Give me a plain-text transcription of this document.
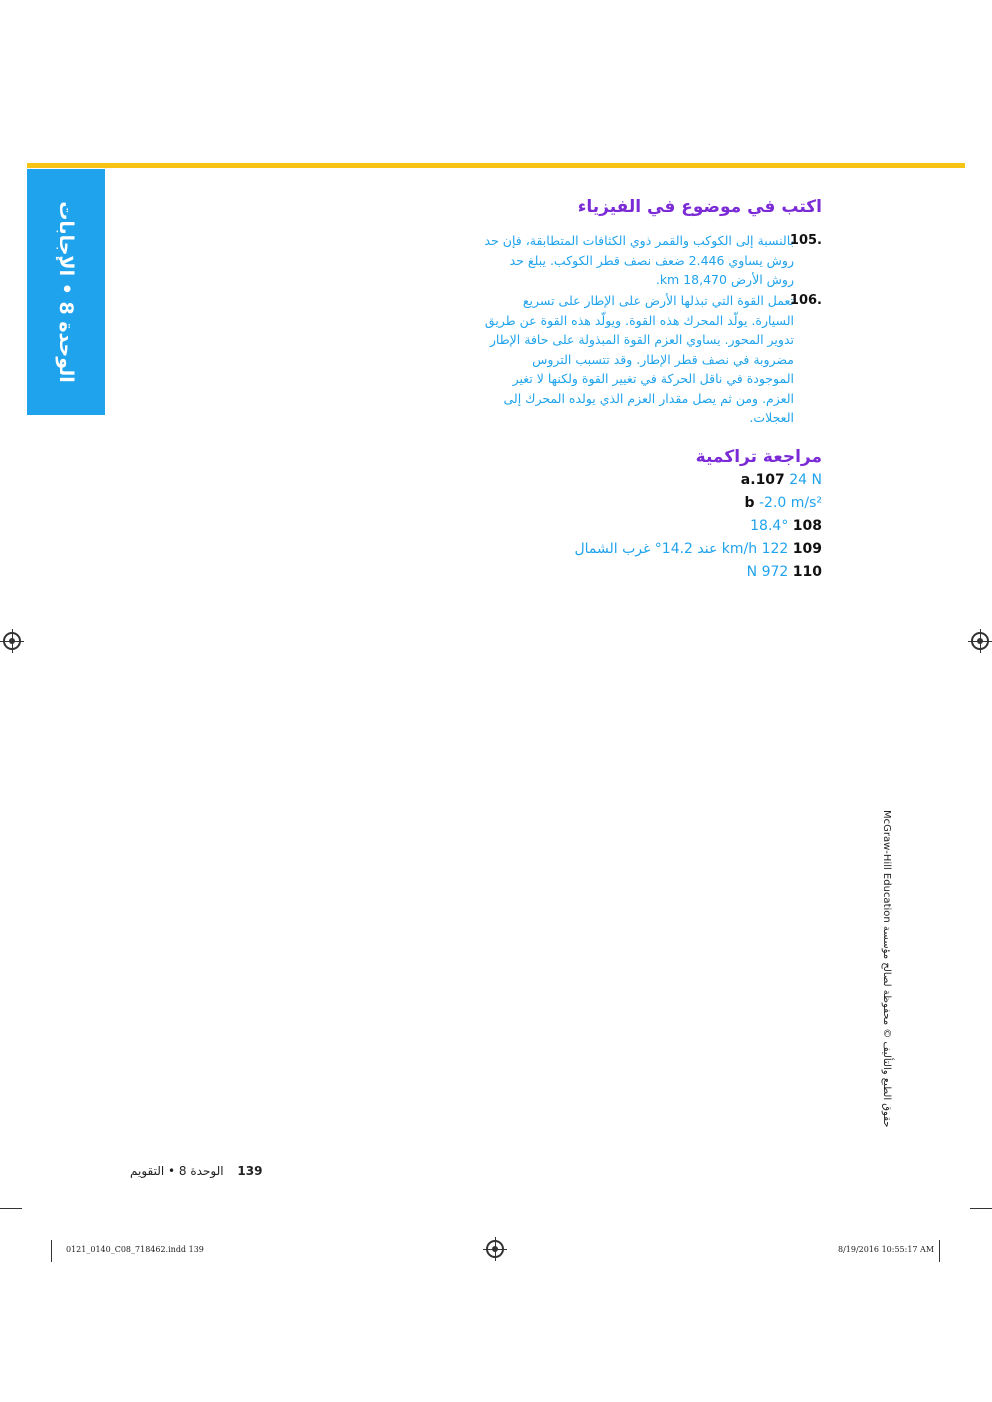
الوحدة 8 • الإجابات
اكتب في موضوع في الفيزياء
.105
بالنسبة إلى الكوكب والقمر ذوي الكثافات المتطابقة، فإن حد روش يساوي 2.446 ضعف نصف قطر الكوكب. يبلغ حد روش الأرض 18,470 km.
.106
تعمل القوة التي تبذلها الأرض على الإطار على تسريع السيارة. يولّد المحرك هذه القوة. ويولّد هذه القوة عن طريق تدوير المحور. يساوي العزم القوة المبذولة على حافة الإطار مضروبة في نصف قطر الإطار. وقد تتسبب التروس الموجودة في ناقل الحركة في تغيير القوة ولكنها لا تغير العزم. ومن ثم يصل مقدار العزم الذي يولده المحرك إلى العجلات.
مراجعة تراكمية
a.107 24 N
b -2.0 m/s²
108 18.4°
109 122 km/h عند 14.2° غرب الشمال
110 972 N
حقوق الطبع والتأليف © محفوظة لصالح مؤسسة McGraw-Hill Education
139 الوحدة 8 • التقويم
0121_0140_C08_718462.indd 139	8/19/2016 10:55:17 AM
